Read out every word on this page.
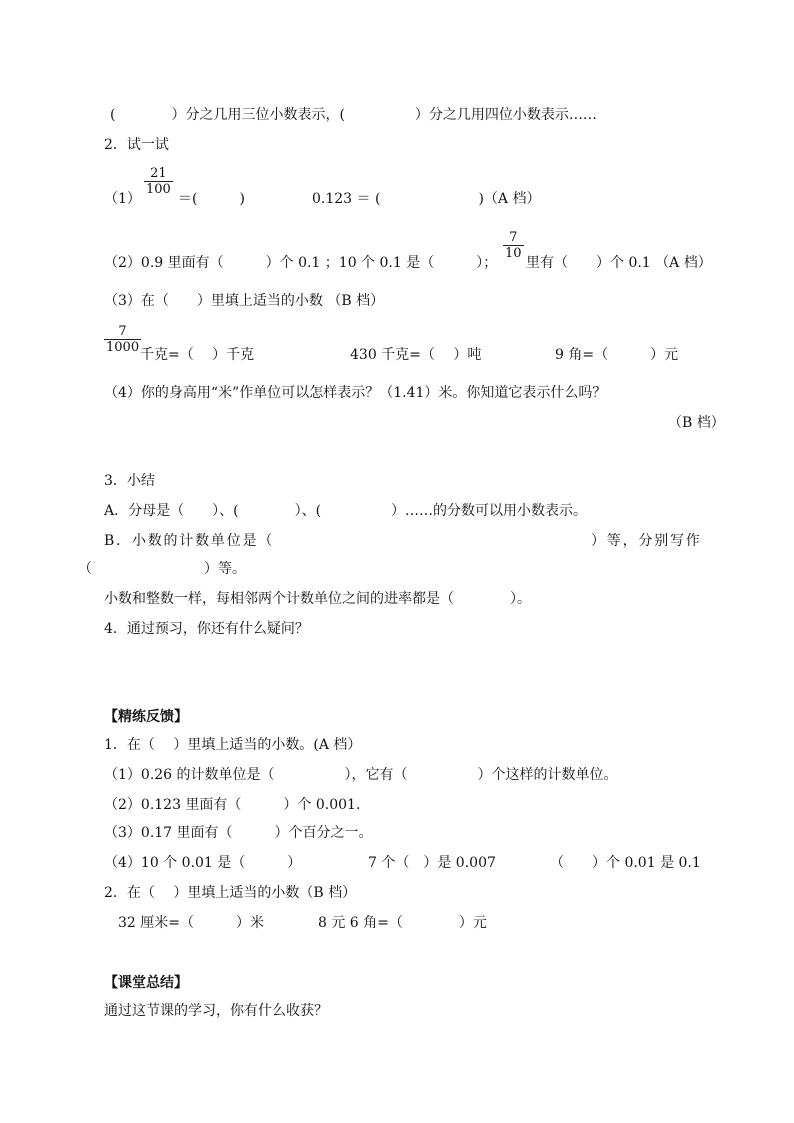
(　　　　）分之几用三位小数表示，(　　　　　）分之几用四位小数表示……
2．试一试
（1）
21
100
＝(　　　)	0.123 ＝ (　　　　　　　)（A 档）
（2）0.9 里面有（　　　）个 0.1 ；10 个 0.1 是（　　　）；
7
10
里有（　　）个 0.1 （A 档）
（3）在（　　）里填上适当的小数 （B 档）
7
1000 千克=（　 ）千克	430 千克=（　 ）吨	9 角=（　　　）元
（4）你的身高用“米”作单位可以怎样表示？（1.41）米。你知道它表示什么吗？
（B 档）
3．小结
A．分母是（　　）、(　　　　）、(　　　　　）……的分数可以用小数表示。
B．小数的计数单位是（	）等，分别写作
（　　　　　　　　）等。
小数和整数一样，每相邻两个计数单位之间的进率都是（　　　　）。
4．通过预习，你还有什么疑问？
【精练反馈】
1．在（　 ）里填上适当的小数。(A 档）
（1）0.26 的计数单位是（　　　　　），它有（　　　　　）个这样的计数单位。
（2）0.123 里面有（　　　）个 0.001.
（3）0.17 里面有（　　　）个百分之一。
（4）10 个 0.01 是（　　　）	7 个（　）是 0.007	（　　）个 0.01 是 0.1
2．在（　 ）里填上适当的小数（B 档）
32 厘米=（　　　）米	8 元 6 角=（　　　　）元
【课堂总结】
通过这节课的学习，你有什么收获？
